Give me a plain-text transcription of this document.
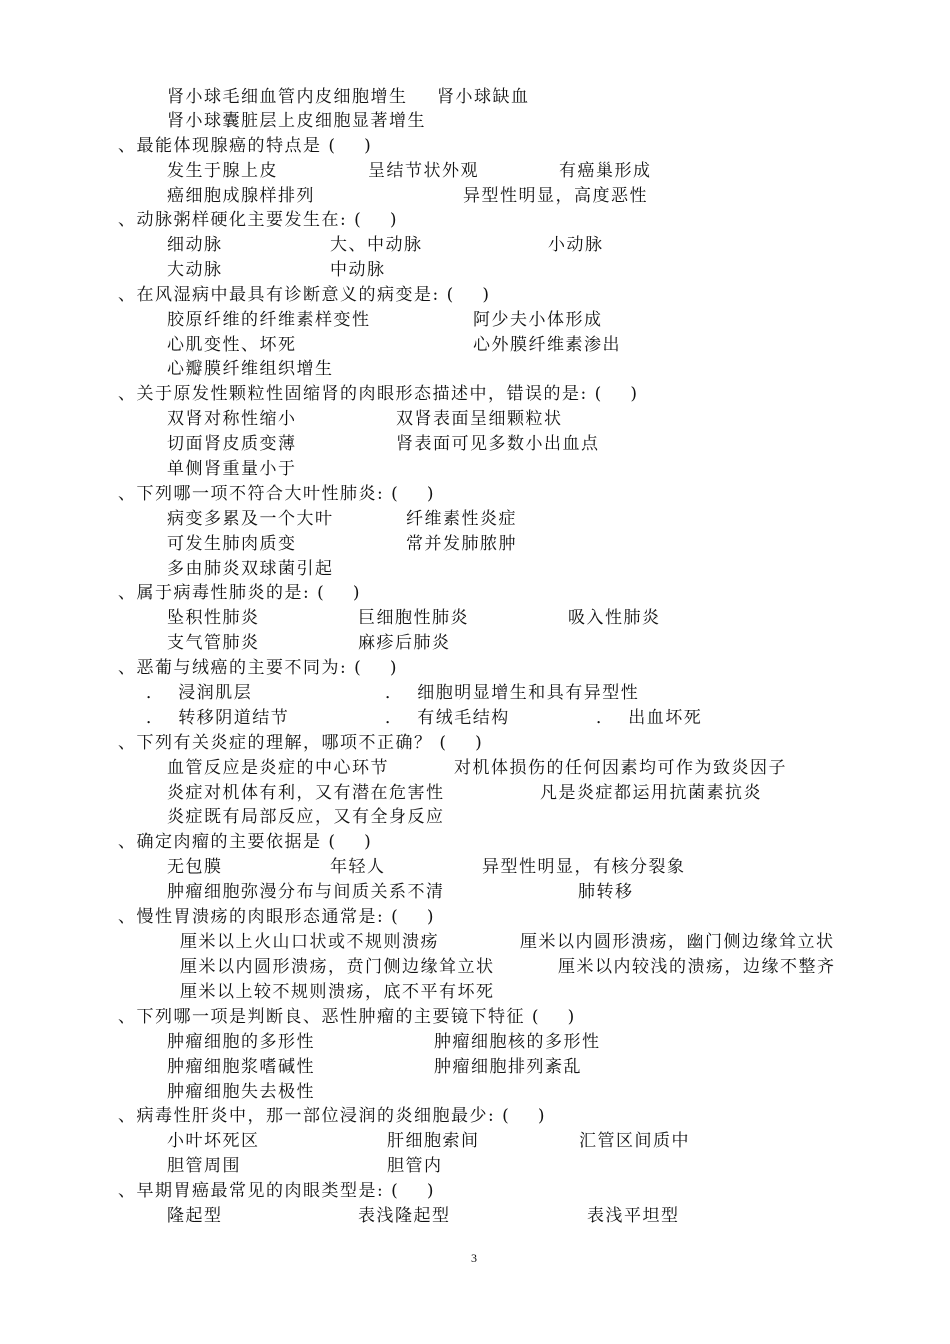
肾小球毛细血管内皮细胞增生 肾小球缺血
肾小球囊脏层上皮细胞显著增生
、最能体现腺癌的特点是 (    )
发生于腺上皮	呈结节状外观	有癌巢形成
癌细胞成腺样排列	异型性明显，高度恶性
、动脉粥样硬化主要发生在: (    )
细动脉	大、中动脉	小动脉
大动脉	中动脉
、在风湿病中最具有诊断意义的病变是: (    )
胶原纤维的纤维素样变性	阿少夫小体形成
心肌变性、坏死	心外膜纤维素渗出
心瓣膜纤维组织增生
、关于原发性颗粒性固缩肾的肉眼形态描述中，错误的是: (    )
双肾对称性缩小	双肾表面呈细颗粒状
切面肾皮质变薄	肾表面可见多数小出血点
单侧肾重量小于
、下列哪一项不符合大叶性肺炎: (    )
病变多累及一个大叶	纤维素性炎症
可发生肺肉质变	常并发肺脓肿
多由肺炎双球菌引起
、属于病毒性肺炎的是: (    )
坠积性肺炎	巨细胞性肺炎	吸入性肺炎
支气管肺炎	麻疹后肺炎
、恶葡与绒癌的主要不同为: (    )
．  浸润肌层	．  细胞明显增生和具有异型性
．  转移阴道结节	．  有绒毛结构	．  出血坏死
、下列有关炎症的理解，哪项不正确？ (    )
血管反应是炎症的中心环节	对机体损伤的任何因素均可作为致炎因子
炎症对机体有利，又有潜在危害性	凡是炎症都运用抗菌素抗炎
炎症既有局部反应，又有全身反应
、确定肉瘤的主要依据是 (    )
无包膜	年轻人	异型性明显，有核分裂象
肿瘤细胞弥漫分布与间质关系不清	肺转移
、慢性胃溃疡的肉眼形态通常是: (    )
厘米以上火山口状或不规则溃疡	厘米以内圆形溃疡，幽门侧边缘耸立状
厘米以内圆形溃疡，贲门侧边缘耸立状	厘米以内较浅的溃疡，边缘不整齐
厘米以上较不规则溃疡，底不平有坏死
、下列哪一项是判断良、恶性肿瘤的主要镜下特征 (    )
肿瘤细胞的多形性	肿瘤细胞核的多形性
肿瘤细胞浆嗜碱性	肿瘤细胞排列紊乱
肿瘤细胞失去极性
、病毒性肝炎中，那一部位浸润的炎细胞最少: (    )
小叶坏死区	肝细胞索间	汇管区间质中
胆管周围	胆管内
、早期胃癌最常见的肉眼类型是: (    )
隆起型	表浅隆起型	表浅平坦型
3
